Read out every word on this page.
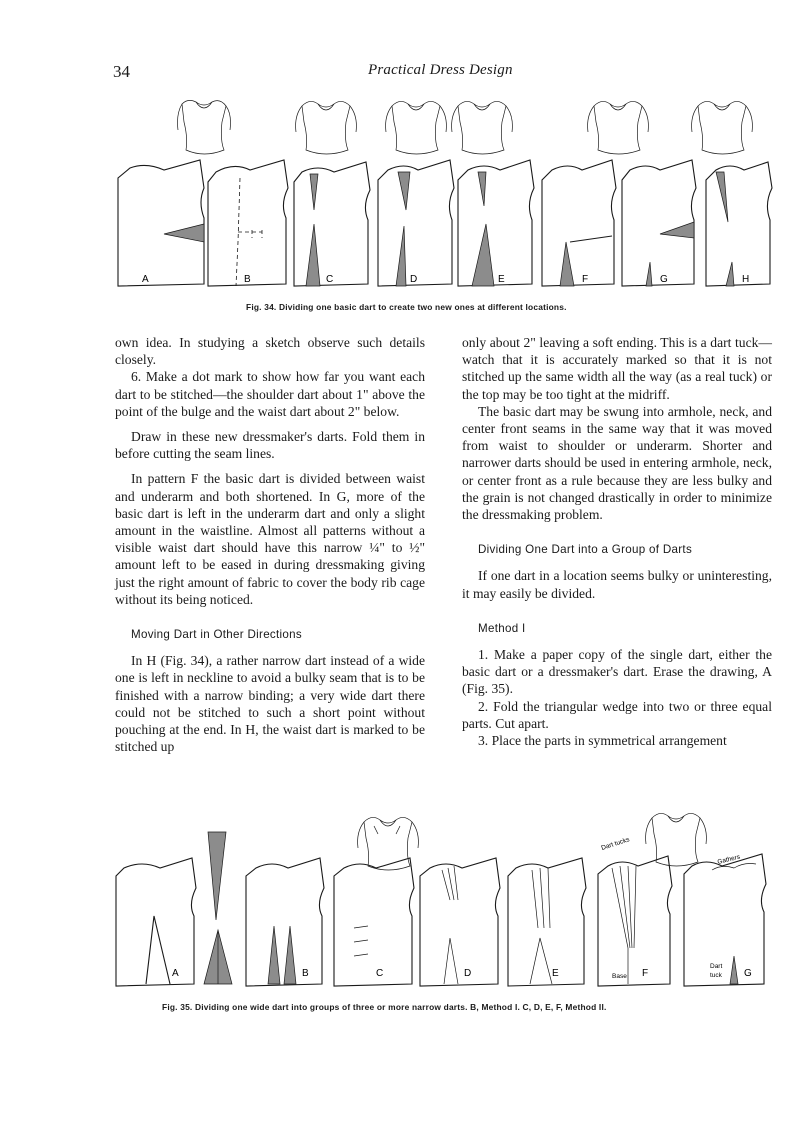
34	Practical Dress Design
A	B	C	D	E	F	G	H
Fig. 34. Dividing one basic dart to create two new ones at different locations.

own idea. In studying a sketch observe such details closely.

6. Make a dot mark to show how far you want each dart to be stitched—the shoulder dart about 1" above the point of the bulge and the waist dart about 2" below.

Draw in these new dressmaker's darts. Fold them in before cutting the seam lines.

In pattern F the basic dart is divided between waist and underarm and both shortened. In G, more of the basic dart is left in the underarm dart and only a slight amount in the waistline. Almost all patterns without a visible waist dart should have this narrow ¼" to ½" amount left to be eased in during dressmaking giving just the right amount of fabric to cover the body rib cage without its being noticed.

Moving Dart in Other Directions

In H (Fig. 34), a rather narrow dart instead of a wide one is left in neckline to avoid a bulky seam that is to be finished with a narrow binding; a very wide dart there could not be stitched to such a short point without pouching at the end. In H, the waist dart is marked to be stitched up

only about 2" leaving a soft ending. This is a dart tuck—watch that it is accurately marked so that it is not stitched up the same width all the way (as a real tuck) or the top may be too tight at the midriff.

The basic dart may be swung into armhole, neck, and center front seams in the same way that it was moved from waist to shoulder or underarm. Shorter and narrower darts should be used in entering armhole, neck, or center front as a rule because they are less bulky and the grain is not changed drastically in order to minimize the dressmaking problem.

Dividing One Dart into a Group of Darts

If one dart in a location seems bulky or uninteresting, it may easily be divided.

Method I

1. Make a paper copy of the single dart, either the basic dart or a dressmaker's dart. Erase the drawing, A (Fig. 35).

2. Fold the triangular wedge into two or three equal parts. Cut apart.

3. Place the parts in symmetrical arrangement

A	B	C	D	E	F	G
Dart tucks
Gathers
Base
Dart
tuck
Fig. 35. Dividing one wide dart into groups of three or more narrow darts. B, Method I. C, D, E, F, Method II.
